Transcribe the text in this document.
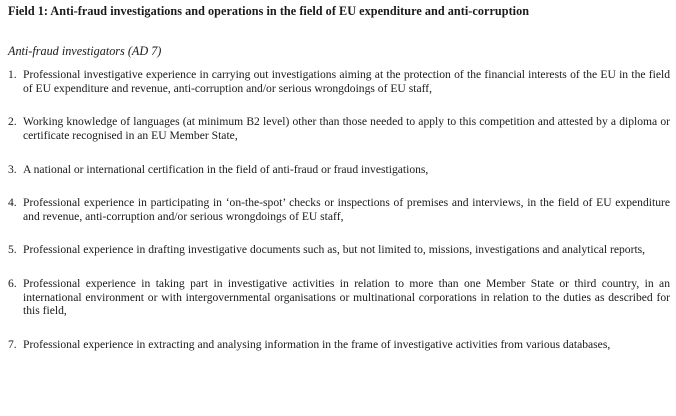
Field 1: Anti-fraud investigations and operations in the field of EU expenditure and anti-corruption

Anti-fraud investigators (AD 7)

1. Professional investigative experience in carrying out investigations aiming at the protection of the financial interests of the EU in the field of EU expenditure and revenue, anti-corruption and/or serious wrongdoings of EU staff,
2. Working knowledge of languages (at minimum B2 level) other than those needed to apply to this competition and attested by a diploma or certificate recognised in an EU Member State,
3. A national or international certification in the field of anti-fraud or fraud investigations,
4. Professional experience in participating in ‘on-the-spot’ checks or inspections of premises and interviews, in the field of EU expenditure and revenue, anti-corruption and/or serious wrongdoings of EU staff,
5. Professional experience in drafting investigative documents such as, but not limited to, missions, investigations and analytical reports,
6. Professional experience in taking part in investigative activities in relation to more than one Member State or third country, in an international environment or with intergovernmental organisations or multinational corporations in relation to the duties as described for this field,
7. Professional experience in extracting and analysing information in the frame of investigative activities from various databases,
